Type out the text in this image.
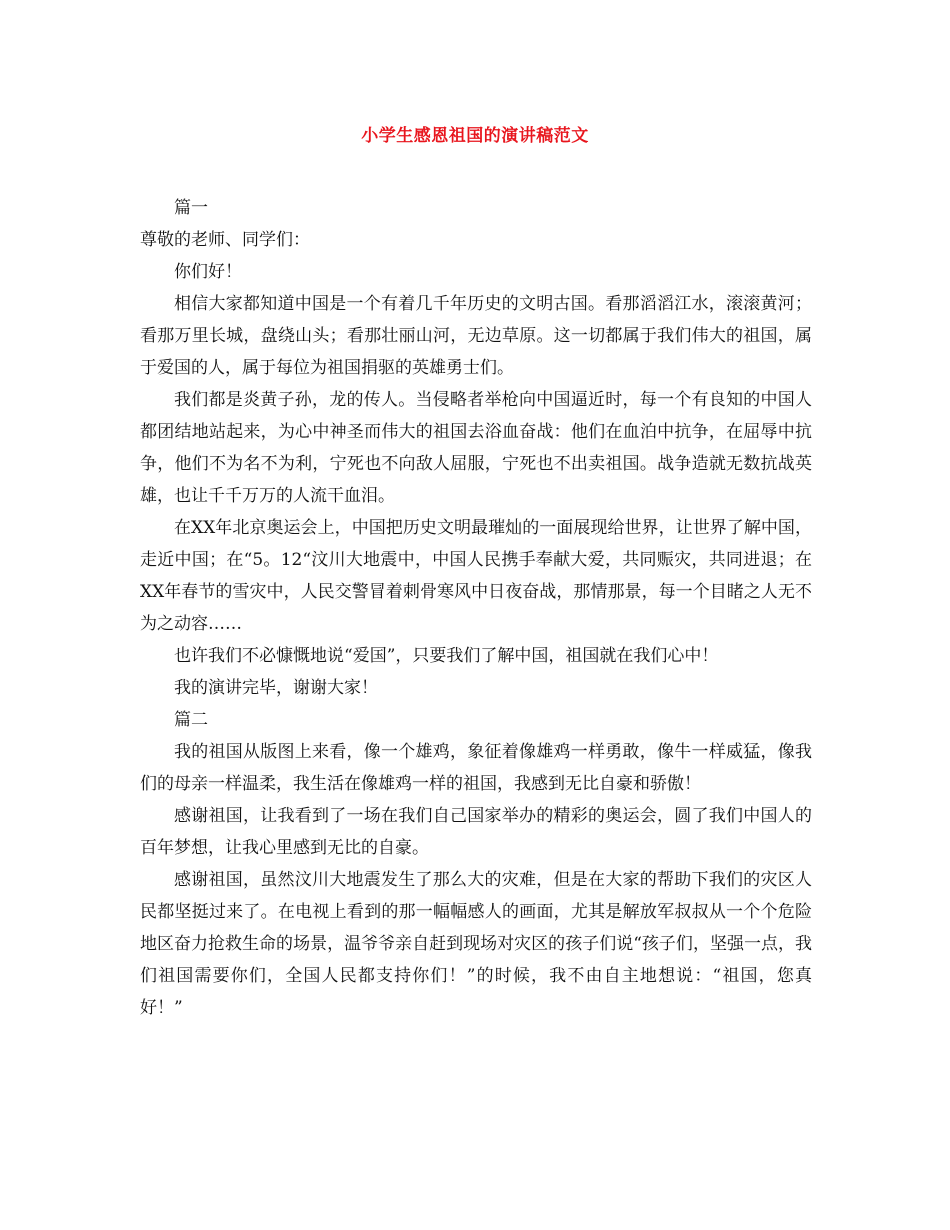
小学生感恩祖国的演讲稿范文

篇一

尊敬的老师、同学们：

你们好！

相信大家都知道中国是一个有着几千年历史的文明古国。看那滔滔江水，滚滚黄河；看那万里长城，盘绕山头；看那壮丽山河，无边草原。这一切都属于我们伟大的祖国，属于爱国的人，属于每位为祖国捐驱的英雄勇士们。

我们都是炎黄子孙，龙的传人。当侵略者举枪向中国逼近时，每一个有良知的中国人都团结地站起来，为心中神圣而伟大的祖国去浴血奋战：他们在血泊中抗争，在屈辱中抗争，他们不为名不为利，宁死也不向敌人屈服，宁死也不出卖祖国。战争造就无数抗战英雄，也让千千万万的人流干血泪。

在XX年北京奥运会上，中国把历史文明最璀灿的一面展现给世界，让世界了解中国，走近中国；在“5。12“汶川大地震中，中国人民携手奉献大爱，共同赈灾，共同进退；在XX年春节的雪灾中，人民交警冒着刺骨寒风中日夜奋战，那情那景，每一个目睹之人无不为之动容……

也许我们不必慷慨地说“爱国”，只要我们了解中国，祖国就在我们心中！

我的演讲完毕，谢谢大家！

篇二

我的祖国从版图上来看，像一个雄鸡，象征着像雄鸡一样勇敢，像牛一样威猛，像我们的母亲一样温柔，我生活在像雄鸡一样的祖国，我感到无比自豪和骄傲！

感谢祖国，让我看到了一场在我们自己国家举办的精彩的奥运会，圆了我们中国人的百年梦想，让我心里感到无比的自豪。

感谢祖国，虽然汶川大地震发生了那么大的灾难，但是在大家的帮助下我们的灾区人民都坚挺过来了。在电视上看到的那一幅幅感人的画面，尤其是解放军叔叔从一个个危险地区奋力抢救生命的场景，温爷爷亲自赶到现场对灾区的孩子们说“孩子们，坚强一点，我们祖国需要你们，全国人民都支持你们！”的时候，我不由自主地想说：“祖国，您真好！”
